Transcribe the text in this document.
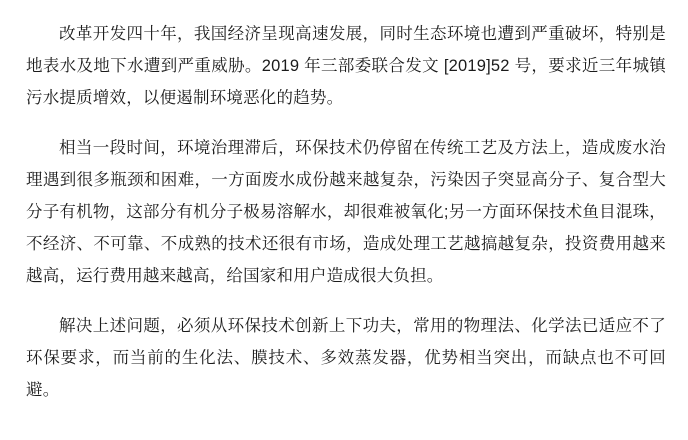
改革开发四十年，我国经济呈现高速发展，同时生态环境也遭到严重破坏，特别是地表水及地下水遭到严重威胁。2019 年三部委联合发文 [2019]52 号，要求近三年城镇污水提质增效，以便遏制环境恶化的趋势。

相当一段时间，环境治理滞后，环保技术仍停留在传统工艺及方法上，造成废水治理遇到很多瓶颈和困难，一方面废水成份越来越复杂，污染因子突显高分子、复合型大分子有机物，这部分有机分子极易溶解水，却很难被氧化;另一方面环保技术鱼目混珠，不经济、不可靠、不成熟的技术还很有市场，造成处理工艺越搞越复杂，投资费用越来越高，运行费用越来越高，给国家和用户造成很大负担。

解决上述问题，必须从环保技术创新上下功夫，常用的物理法、化学法已适应不了环保要求，而当前的生化法、膜技术、多效蒸发器，优势相当突出，而缺点也不可回避。
